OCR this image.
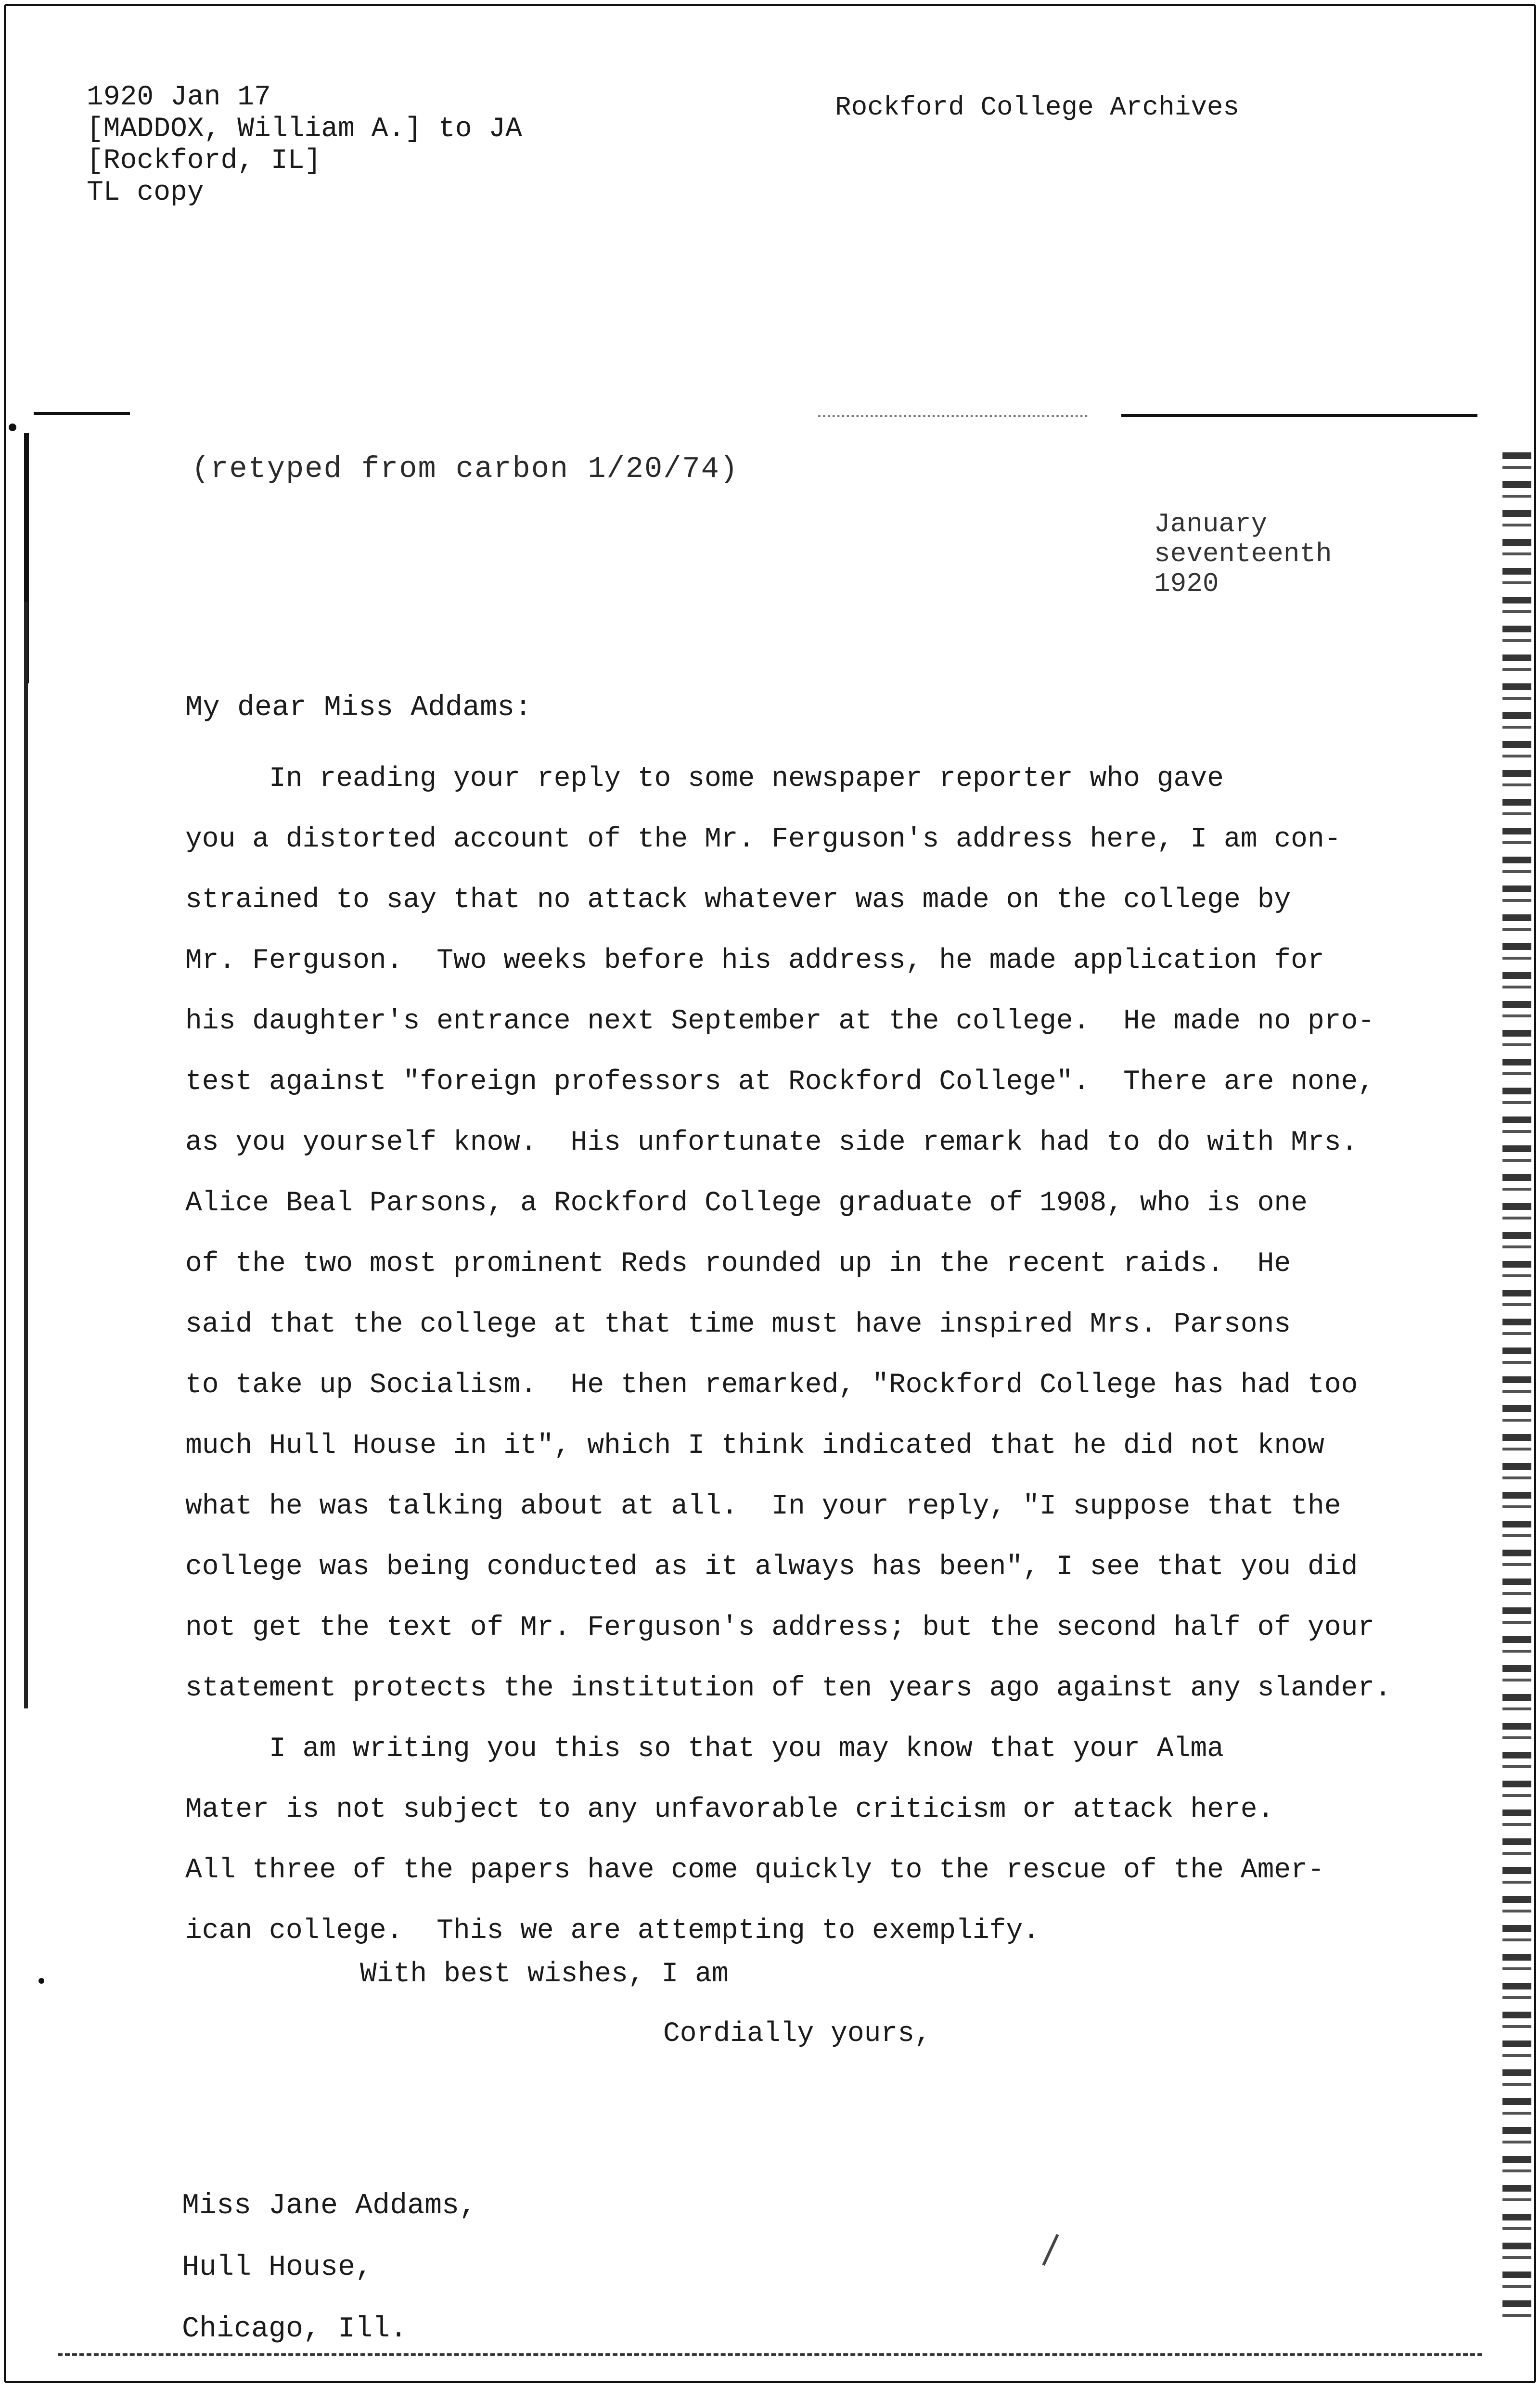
1920 Jan 17
[MADDOX, William A.] to JA
[Rockford, IL]
TL copy
Rockford College Archives
(retyped from carbon 1/20/74)
January
seventeenth
1920
My dear Miss Addams:
In reading your reply to some newspaper reporter who gave
you a distorted account of the Mr. Ferguson's address here, I am con-
strained to say that no attack whatever was made on the college by
Mr. Ferguson.  Two weeks before his address, he made application for
his daughter's entrance next September at the college.  He made no pro-
test against "foreign professors at Rockford College".  There are none,
as you yourself know.  His unfortunate side remark had to do with Mrs.
Alice Beal Parsons, a Rockford College graduate of 1908, who is one
of the two most prominent Reds rounded up in the recent raids.  He
said that the college at that time must have inspired Mrs. Parsons
to take up Socialism.  He then remarked, "Rockford College has had too
much Hull House in it", which I think indicated that he did not know
what he was talking about at all.  In your reply, "I suppose that the
college was being conducted as it always has been", I see that you did
not get the text of Mr. Ferguson's address; but the second half of your
statement protects the institution of ten years ago against any slander.
I am writing you this so that you may know that your Alma
Mater is not subject to any unfavorable criticism or attack here.
All three of the papers have come quickly to the rescue of the Amer-
ican college.  This we are attempting to exemplify.
With best wishes, I am
Cordially yours,
Miss Jane Addams,
Hull House,
Chicago, Ill.
